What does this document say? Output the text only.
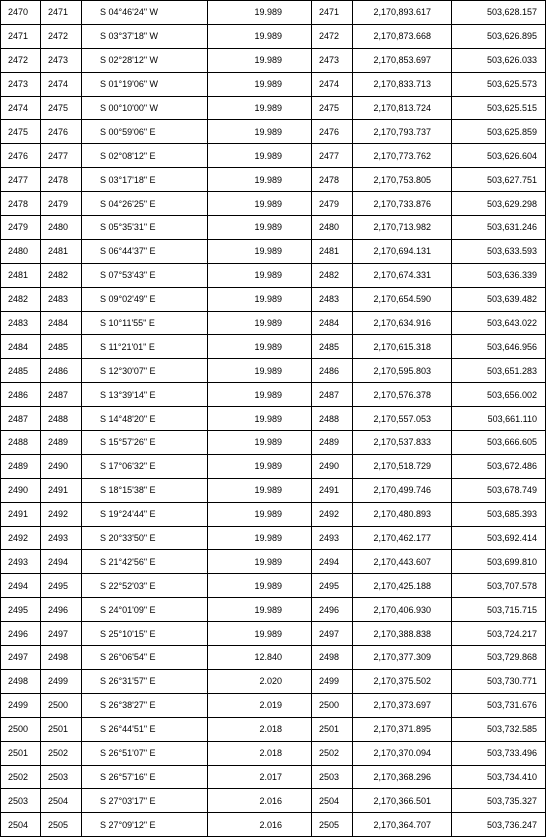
2470	2471	S 04°46'24" W	19.989	2471	2,170,893.617	503,628.157
2471	2472	S 03°37'18" W	19.989	2472	2,170,873.668	503,626.895
2472	2473	S 02°28'12" W	19.989	2473	2,170,853.697	503,626.033
2473	2474	S 01°19'06" W	19.989	2474	2,170,833.713	503,625.573
2474	2475	S 00°10'00" W	19.989	2475	2,170,813.724	503,625.515
2475	2476	S 00°59'06" E	19.989	2476	2,170,793.737	503,625.859
2476	2477	S 02°08'12" E	19.989	2477	2,170,773.762	503,626.604
2477	2478	S 03°17'18" E	19.989	2478	2,170,753.805	503,627.751
2478	2479	S 04°26'25" E	19.989	2479	2,170,733.876	503,629.298
2479	2480	S 05°35'31" E	19.989	2480	2,170,713.982	503,631.246
2480	2481	S 06°44'37" E	19.989	2481	2,170,694.131	503,633.593
2481	2482	S 07°53'43" E	19.989	2482	2,170,674.331	503,636.339
2482	2483	S 09°02'49" E	19.989	2483	2,170,654.590	503,639.482
2483	2484	S 10°11'55" E	19.989	2484	2,170,634.916	503,643.022
2484	2485	S 11°21'01" E	19.989	2485	2,170,615.318	503,646.956
2485	2486	S 12°30'07" E	19.989	2486	2,170,595.803	503,651.283
2486	2487	S 13°39'14" E	19.989	2487	2,170,576.378	503,656.002
2487	2488	S 14°48'20" E	19.989	2488	2,170,557.053	503,661.110
2488	2489	S 15°57'26" E	19.989	2489	2,170,537.833	503,666.605
2489	2490	S 17°06'32" E	19.989	2490	2,170,518.729	503,672.486
2490	2491	S 18°15'38" E	19.989	2491	2,170,499.746	503,678.749
2491	2492	S 19°24'44" E	19.989	2492	2,170,480.893	503,685.393
2492	2493	S 20°33'50" E	19.989	2493	2,170,462.177	503,692.414
2493	2494	S 21°42'56" E	19.989	2494	2,170,443.607	503,699.810
2494	2495	S 22°52'03" E	19.989	2495	2,170,425.188	503,707.578
2495	2496	S 24°01'09" E	19.989	2496	2,170,406.930	503,715.715
2496	2497	S 25°10'15" E	19.989	2497	2,170,388.838	503,724.217
2497	2498	S 26°06'54" E	12.840	2498	2,170,377.309	503,729.868
2498	2499	S 26°31'57" E	2.020	2499	2,170,375.502	503,730.771
2499	2500	S 26°38'27" E	2.019	2500	2,170,373.697	503,731.676
2500	2501	S 26°44'51" E	2.018	2501	2,170,371.895	503,732.585
2501	2502	S 26°51'07" E	2.018	2502	2,170,370.094	503,733.496
2502	2503	S 26°57'16" E	2.017	2503	2,170,368.296	503,734.410
2503	2504	S 27°03'17" E	2.016	2504	2,170,366.501	503,735.327
2504	2505	S 27°09'12" E	2.016	2505	2,170,364.707	503,736.247
